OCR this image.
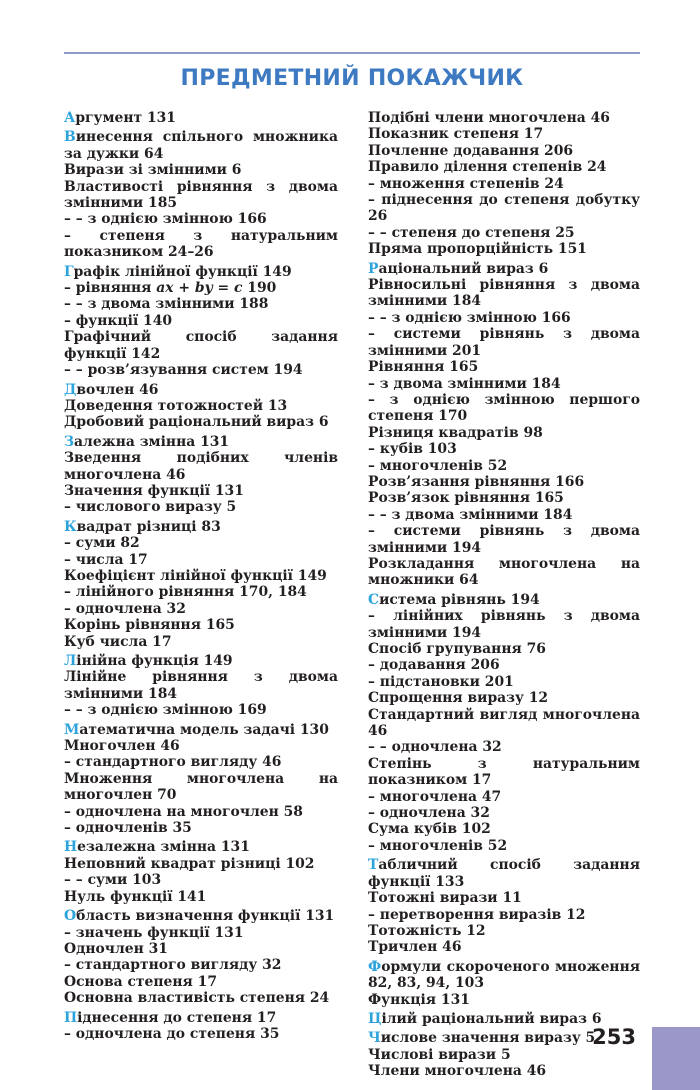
ПРЕДМЕТНИЙ ПОКАЖЧИК
Аргумент 131
Винесення спільного множника за дужки 64
Вирази зі змінними 6
Властивості рівняння з двома змінними 185
– – з однією змінною 166
– степеня з натуральним показником 24–26
Графік лінійної функції 149
– рівняння ax + by = c 190
– – з двома змінними 188
– функції 140
Графічний спосіб задання функції 142
– – розв’язування систем 194
Двочлен 46
Доведення тотожностей 13
Дробовий раціональний вираз 6
Залежна змінна 131
Зведення подібних членів многочлена 46
Значення функції 131
– числового виразу 5
Квадрат різниці 83
– суми 82
– числа 17
Коефіцієнт лінійної функції 149
– лінійного рівняння 170, 184
– одночлена 32
Корінь рівняння 165
Куб числа 17
Лінійна функція 149
Лінійне рівняння з двома змінними 184
– – з однією змінною 169
Математична модель задачі 130
Многочлен 46
– стандартного вигляду 46
Множення многочлена на многочлен 70
– одночлена на многочлен 58
– одночленів 35
Незалежна змінна 131
Неповний квадрат різниці 102
– – суми 103
Нуль функції 141
Область визначення функції 131
– значень функції 131
Одночлен 31
– стандартного вигляду 32
Основа степеня 17
Основна властивість степеня 24
Піднесення до степеня 17
– одночлена до степеня 35
Подібні члени многочлена 46
Показник степеня 17
Почленне додавання 206
Правило ділення степенів 24
– множення степенів 24
– піднесення до степеня добутку 26
– – степеня до степеня 25
Пряма пропорційність 151
Раціональний вираз 6
Рівносильні рівняння з двома змінними 184
– – з однією змінною 166
– системи рівнянь з двома змінними 201
Рівняння 165
– з двома змінними 184
– з однією змінною першого степеня 170
Різниця квадратів 98
– кубів 103
– многочленів 52
Розв’язання рівняння 166
Розв’язок рівняння 165
– – з двома змінними 184
– системи рівнянь з двома змінними 194
Розкладання многочлена на множники 64
Система рівнянь 194
– лінійних рівнянь з двома змінними 194
Спосіб групування 76
– додавання 206
– підстановки 201
Спрощення виразу 12
Стандартний вигляд многочлена 46
– – одночлена 32
Степінь з натуральним показником 17
– многочлена 47
– одночлена 32
Сума кубів 102
– многочленів 52
Табличний спосіб задання функції 133
Тотожні вирази 11
– перетворення виразів 12
Тотожність 12
Тричлен 46
Формули скороченого множення 82, 83, 94, 103
Функція 131
Цілий раціональний вираз 6
Числове значення виразу 5
Числові вирази 5
Члени многочлена 46
253
